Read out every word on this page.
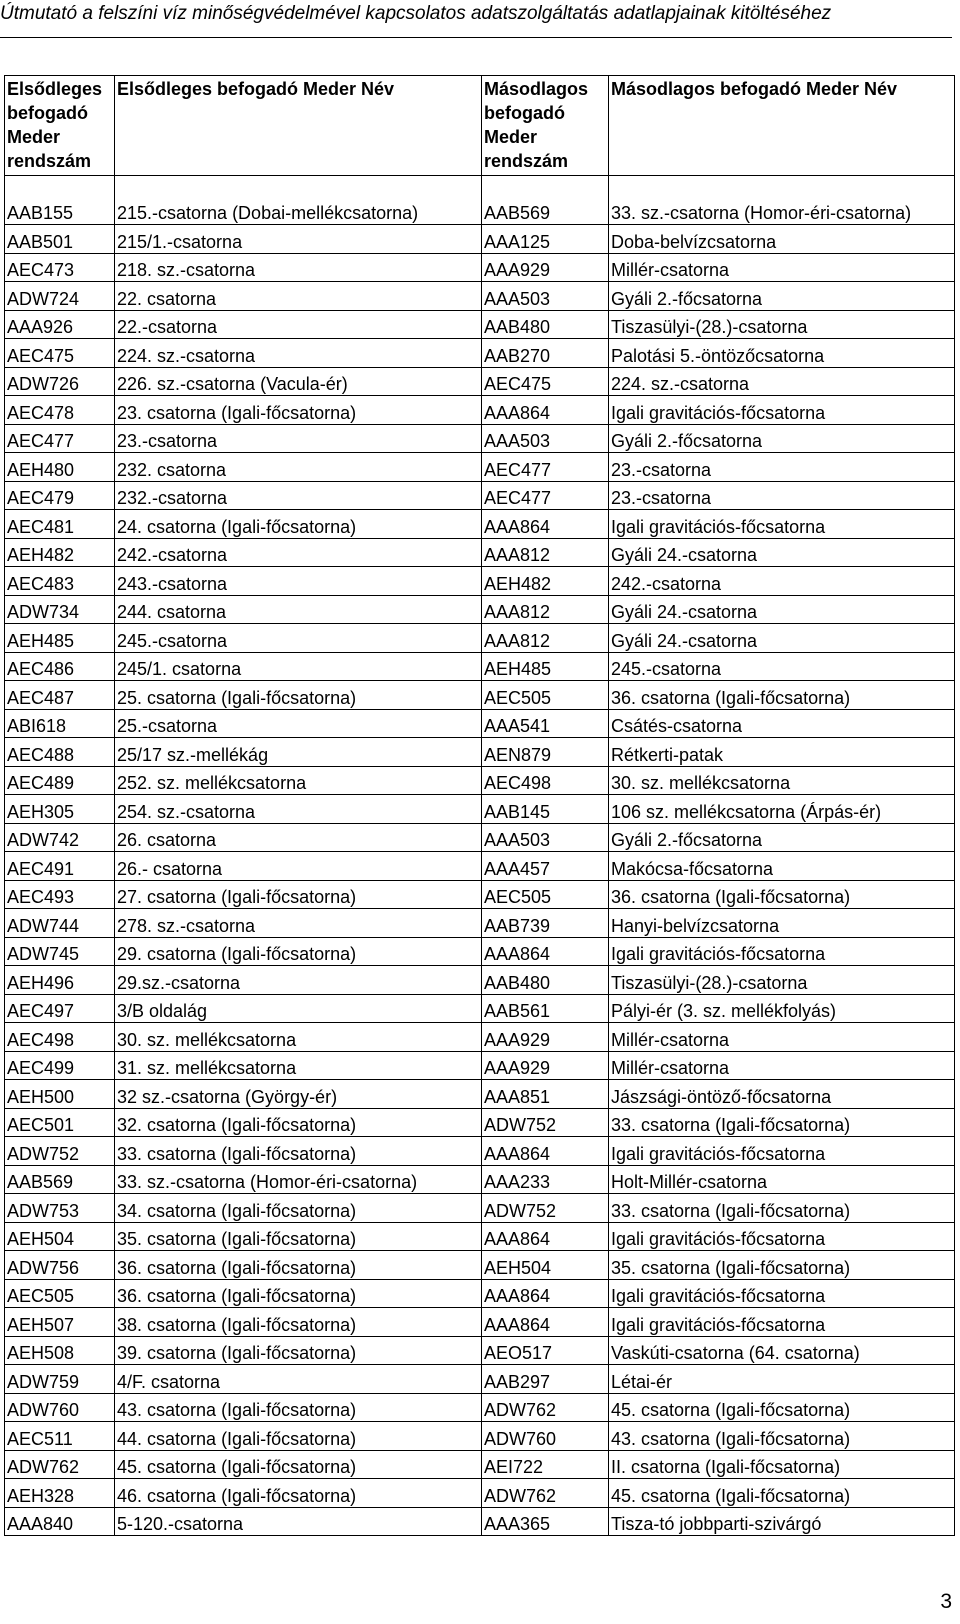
Útmutató a felszíni víz minőségvédelmével kapcsolatos adatszolgáltatás adatlapjainak kitöltéséhez
Elsődleges befogadó Meder rendszám	Elsődleges befogadó Meder Név	Másodlagos befogadó Meder rendszám	Másodlagos befogadó Meder Név
AAB155	215.-csatorna (Dobai-mellékcsatorna)	AAB569	33. sz.-csatorna (Homor-éri-csatorna)
AAB501	215/1.-csatorna	AAA125	Doba-belvízcsatorna
AEC473	218. sz.-csatorna	AAA929	Millér-csatorna
ADW724	22. csatorna	AAA503	Gyáli 2.-főcsatorna
AAA926	22.-csatorna	AAB480	Tiszasülyi-(28.)-csatorna
AEC475	224. sz.-csatorna	AAB270	Palotási 5.-öntözőcsatorna
ADW726	226. sz.-csatorna (Vacula-ér)	AEC475	224. sz.-csatorna
AEC478	23. csatorna (Igali-főcsatorna)	AAA864	Igali gravitációs-főcsatorna
AEC477	23.-csatorna	AAA503	Gyáli 2.-főcsatorna
AEH480	232. csatorna	AEC477	23.-csatorna
AEC479	232.-csatorna	AEC477	23.-csatorna
AEC481	24. csatorna (Igali-főcsatorna)	AAA864	Igali gravitációs-főcsatorna
AEH482	242.-csatorna	AAA812	Gyáli 24.-csatorna
AEC483	243.-csatorna	AEH482	242.-csatorna
ADW734	244. csatorna	AAA812	Gyáli 24.-csatorna
AEH485	245.-csatorna	AAA812	Gyáli 24.-csatorna
AEC486	245/1. csatorna	AEH485	245.-csatorna
AEC487	25. csatorna (Igali-főcsatorna)	AEC505	36. csatorna (Igali-főcsatorna)
ABI618	25.-csatorna	AAA541	Csátés-csatorna
AEC488	25/17 sz.-mellékág	AEN879	Rétkerti-patak
AEC489	252. sz. mellékcsatorna	AEC498	30. sz. mellékcsatorna
AEH305	254. sz.-csatorna	AAB145	106 sz. mellékcsatorna (Árpás-ér)
ADW742	26. csatorna	AAA503	Gyáli 2.-főcsatorna
AEC491	26.- csatorna	AAA457	Makócsa-főcsatorna
AEC493	27. csatorna (Igali-főcsatorna)	AEC505	36. csatorna (Igali-főcsatorna)
ADW744	278. sz.-csatorna	AAB739	Hanyi-belvízcsatorna
ADW745	29. csatorna (Igali-főcsatorna)	AAA864	Igali gravitációs-főcsatorna
AEH496	29.sz.-csatorna	AAB480	Tiszasülyi-(28.)-csatorna
AEC497	3/B oldalág	AAB561	Pályi-ér (3. sz. mellékfolyás)
AEC498	30. sz. mellékcsatorna	AAA929	Millér-csatorna
AEC499	31. sz. mellékcsatorna	AAA929	Millér-csatorna
AEH500	32 sz.-csatorna (György-ér)	AAA851	Jászsági-öntöző-főcsatorna
AEC501	32. csatorna (Igali-főcsatorna)	ADW752	33. csatorna (Igali-főcsatorna)
ADW752	33. csatorna (Igali-főcsatorna)	AAA864	Igali gravitációs-főcsatorna
AAB569	33. sz.-csatorna (Homor-éri-csatorna)	AAA233	Holt-Millér-csatorna
ADW753	34. csatorna (Igali-főcsatorna)	ADW752	33. csatorna (Igali-főcsatorna)
AEH504	35. csatorna (Igali-főcsatorna)	AAA864	Igali gravitációs-főcsatorna
ADW756	36. csatorna (Igali-főcsatorna)	AEH504	35. csatorna (Igali-főcsatorna)
AEC505	36. csatorna (Igali-főcsatorna)	AAA864	Igali gravitációs-főcsatorna
AEH507	38. csatorna (Igali-főcsatorna)	AAA864	Igali gravitációs-főcsatorna
AEH508	39. csatorna (Igali-főcsatorna)	AEO517	Vaskúti-csatorna (64. csatorna)
ADW759	4/F. csatorna	AAB297	Létai-ér
ADW760	43. csatorna (Igali-főcsatorna)	ADW762	45. csatorna (Igali-főcsatorna)
AEC511	44. csatorna (Igali-főcsatorna)	ADW760	43. csatorna (Igali-főcsatorna)
ADW762	45. csatorna (Igali-főcsatorna)	AEI722	II. csatorna (Igali-főcsatorna)
AEH328	46. csatorna (Igali-főcsatorna)	ADW762	45. csatorna (Igali-főcsatorna)
AAA840	5-120.-csatorna	AAA365	Tisza-tó jobbparti-szivárgó
3
